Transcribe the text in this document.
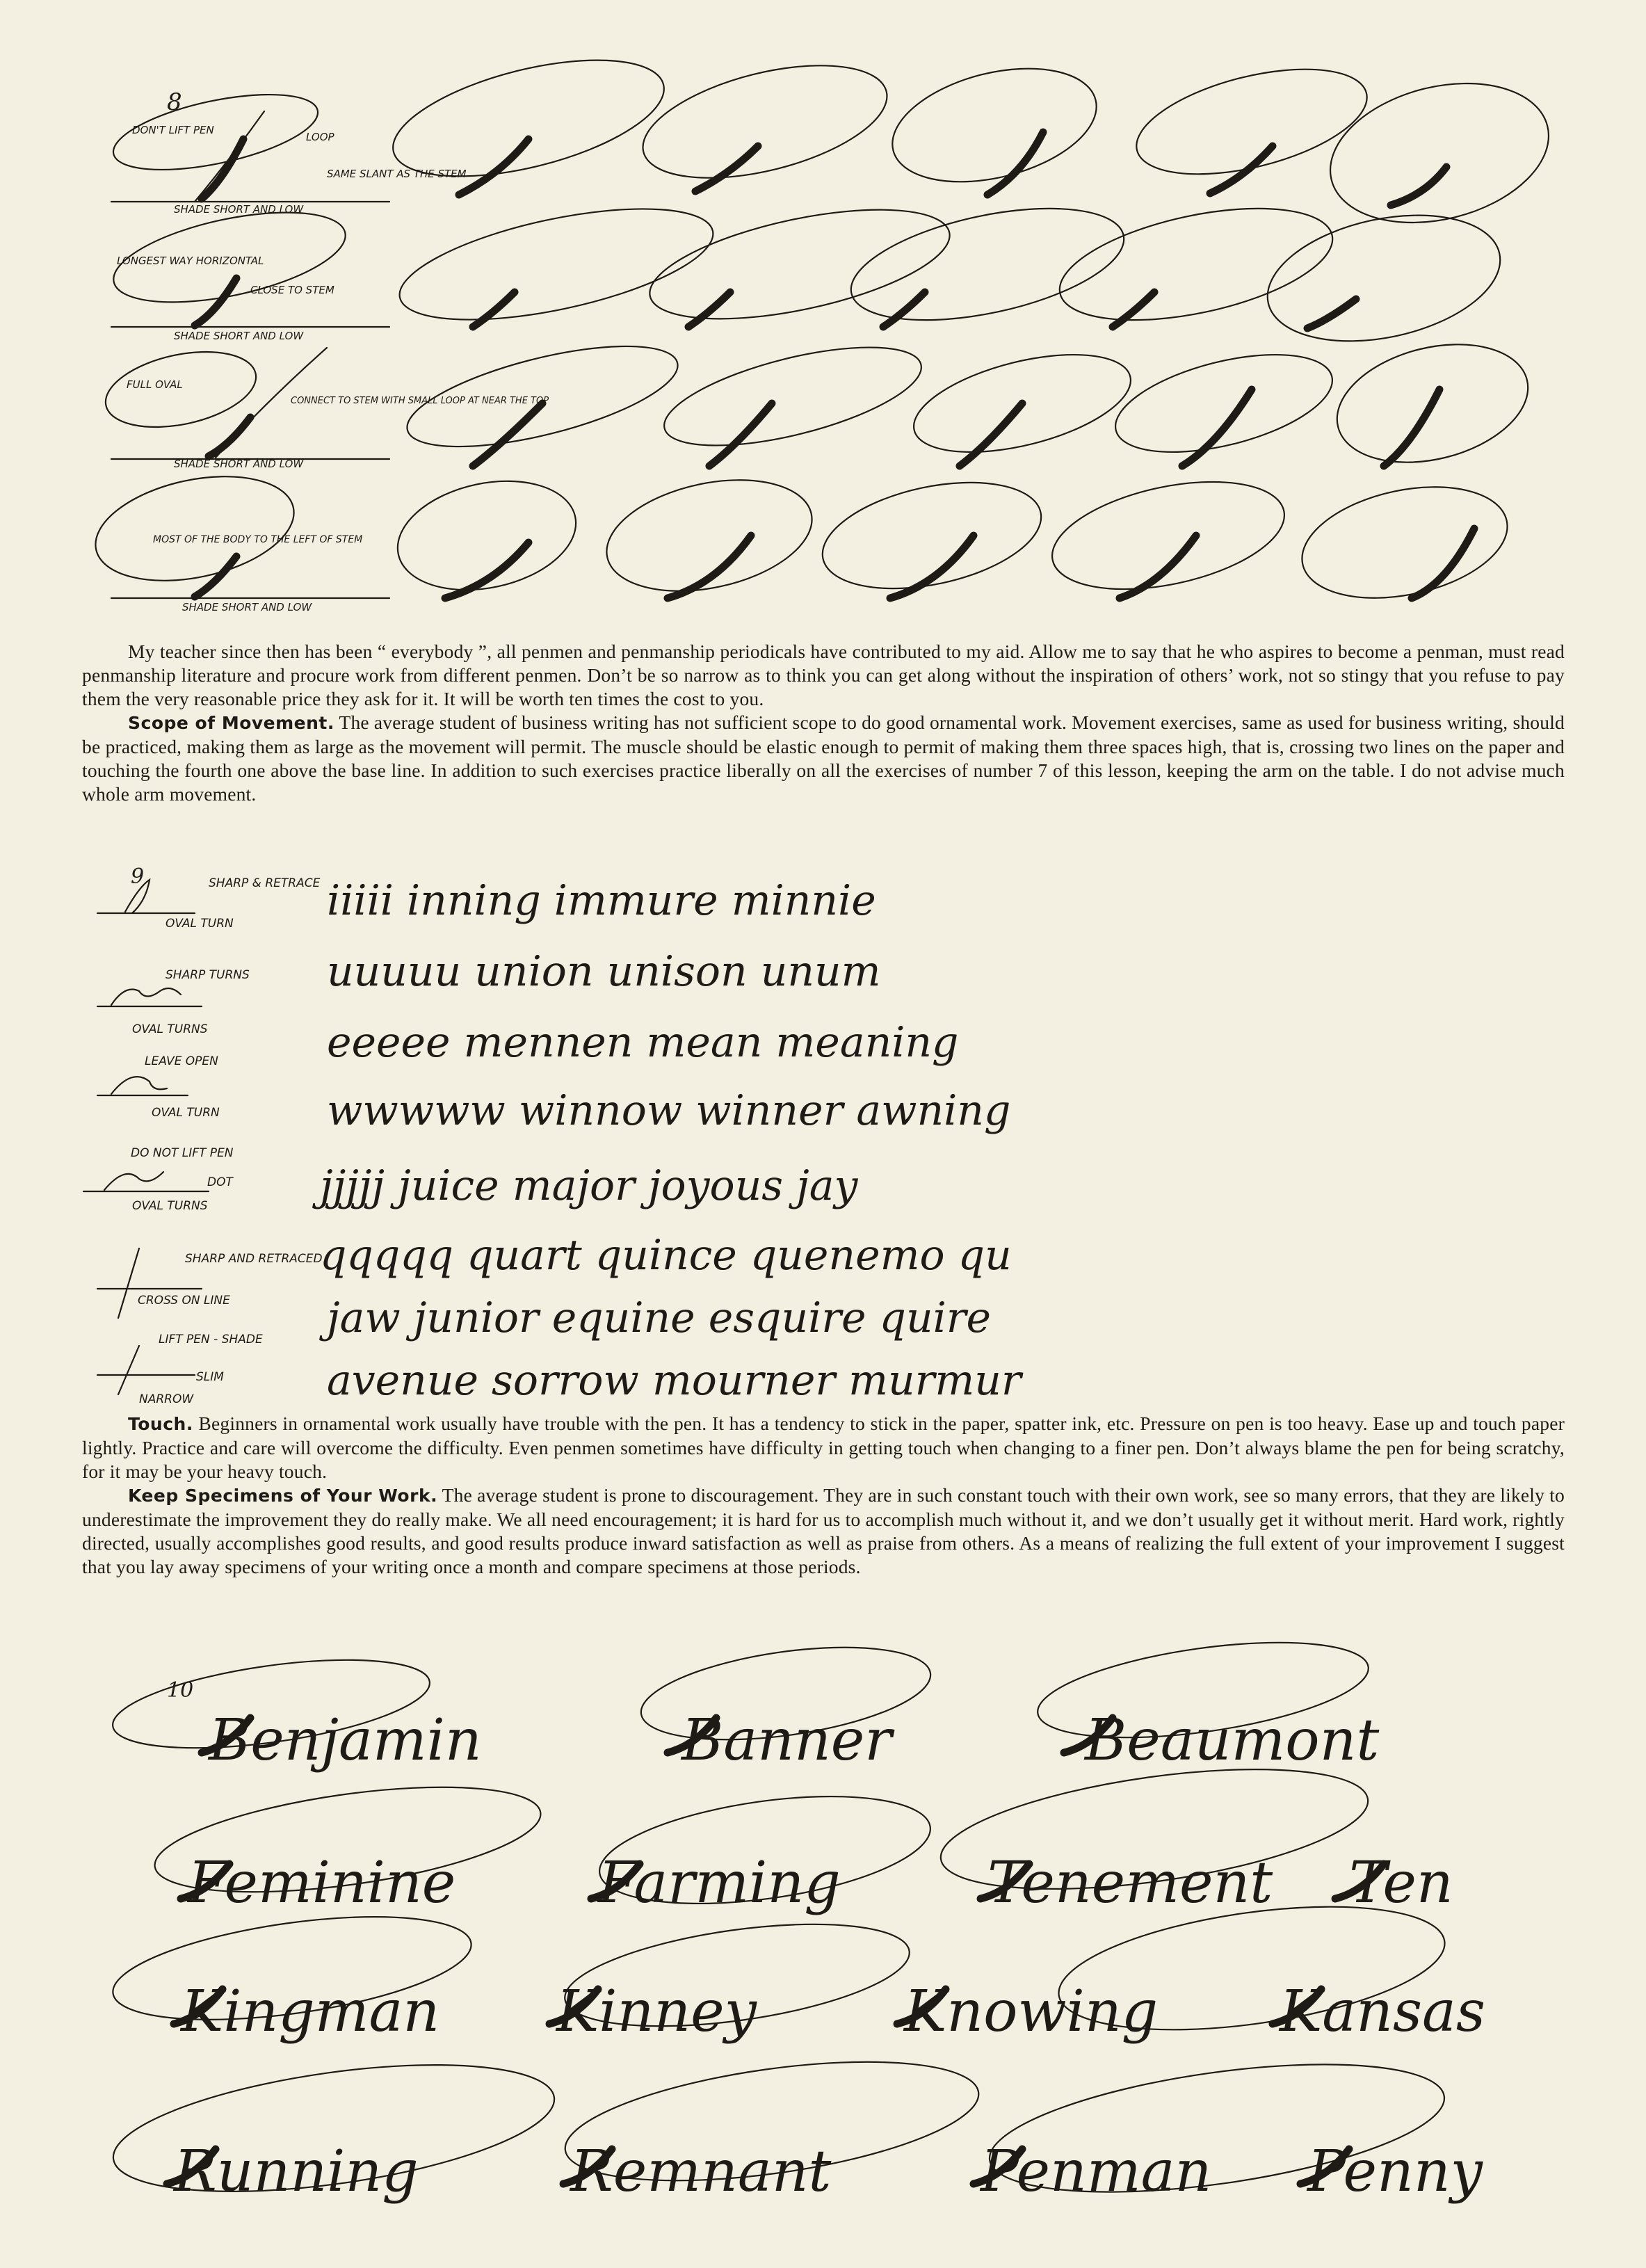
8
DON'T LIFT PEN
LOOP
SAME SLANT AS THE STEM
SHADE SHORT AND LOW
LONGEST WAY HORIZONTAL
CLOSE TO STEM
SHADE SHORT AND LOW
FULL OVAL
CONNECT TO STEM WITH SMALL LOOP AT NEAR THE TOP
SHADE SHORT AND LOW
MOST OF THE BODY TO THE LEFT OF STEM
SHADE SHORT AND LOW

My teacher since then has been “ everybody ”, all penmen and penmanship periodicals have contributed to my aid. Allow me to say that he who aspires to become a penman, must read penmanship literature and procure work from different penmen. Don’t be so narrow as to think you can get along without the inspiration of others’ work, not so stingy that you refuse to pay them the very reasonable price they ask for it. It will be worth ten times the cost to you.

Scope of Movement. The average student of business writing has not sufficient scope to do good ornamental work. Movement exercises, same as used for business writing, should be practiced, making them as large as the movement will permit. The muscle should be elastic enough to permit of making them three spaces high, that is, crossing two lines on the paper and touching the fourth one above the base line. In addition to such exercises practice liberally on all the exercises of number 7 of this lesson, keeping the arm on the table. I do not advise much whole arm movement.

9	SHARP & RETRACE
OVAL TURN
SHARP TURNS
OVAL TURNS
LEAVE OPEN
OVAL TURN
DO NOT LIFT PEN
DOT
OVAL TURNS
SHARP AND RETRACED
CROSS ON LINE
LIFT PEN - SHADE
SLIM
NARROW
iiiii inning immure minnie
uuuuu union unison unum
eeeee mennen mean meaning
wwwww winnow winner awning
jjjjj juice major joyous jay
qqqqq quart quince quenemo qu
jaw junior equine esquire quire
avenue sorrow mourner murmur

Touch. Beginners in ornamental work usually have trouble with the pen. It has a tendency to stick in the paper, spatter ink, etc. Pressure on pen is too heavy. Ease up and touch paper lightly. Practice and care will overcome the difficulty. Even penmen sometimes have difficulty in getting touch when changing to a finer pen. Don’t always blame the pen for being scratchy, for it may be your heavy touch.

Keep Specimens of Your Work. The average student is prone to discouragement. They are in such constant touch with their own work, see so many errors, that they are likely to underestimate the improvement they do really make. We all need encouragement; it is hard for us to accomplish much without it, and we don’t usually get it without merit. Hard work, rightly directed, usually accomplishes good results, and good results produce inward satisfaction as well as praise from others. As a means of realizing the full extent of your improvement I suggest that you lay away specimens of your writing once a month and compare specimens at those periods.

10
Benjamin	Banner	Beaumont
Feminine Farming	Tenement Ten
Kingman Kinney	Knowing Kansas
Running	Remnant	Penman Penny
